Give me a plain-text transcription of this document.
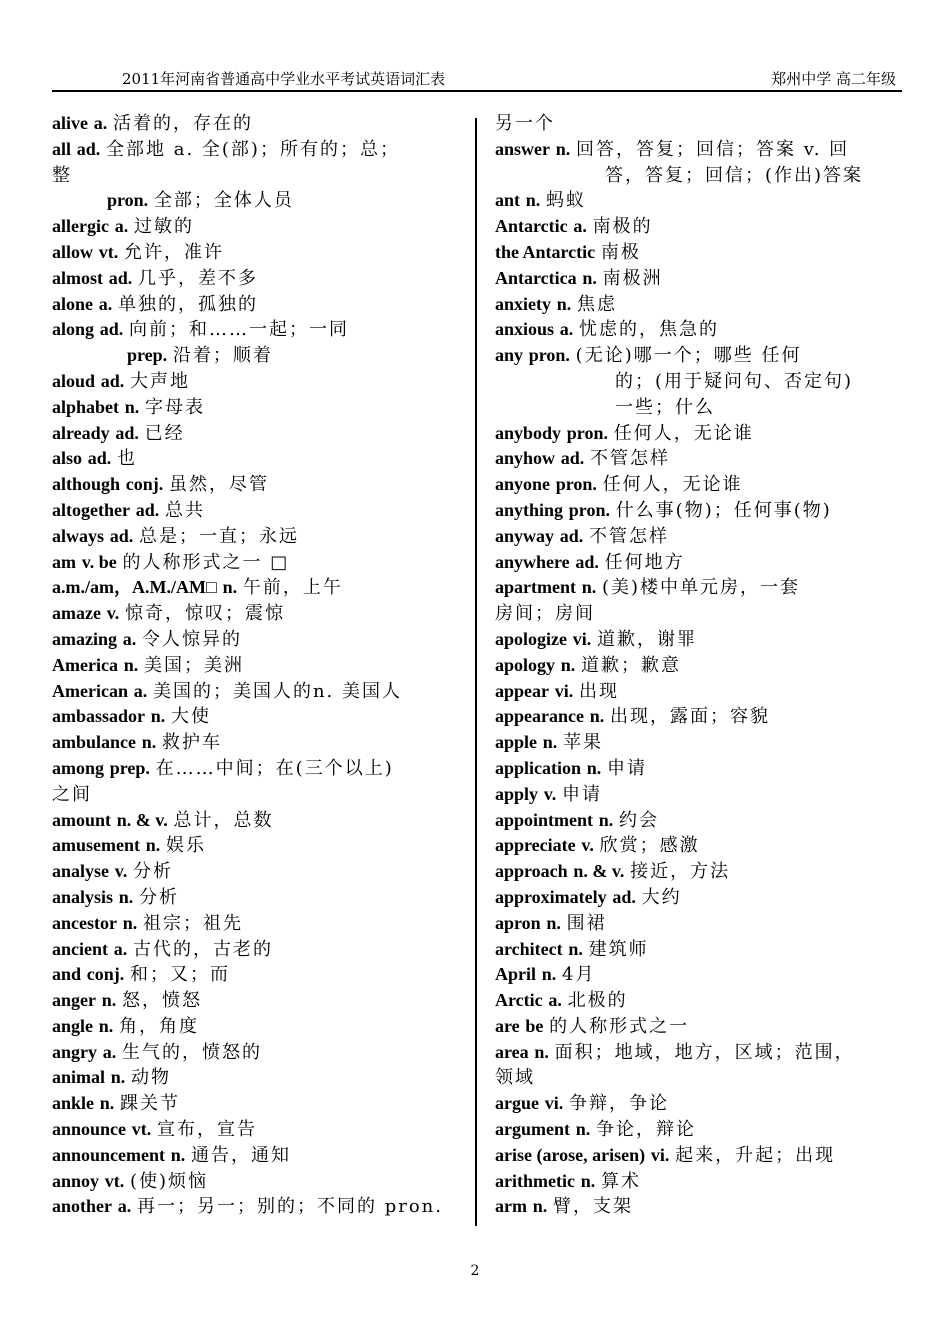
2011年河南省普通高中学业水平考试英语词汇表	郑州中学 高二年级
alive a. 活着的，存在的
all ad. 全部地 a. 全(部)；所有的；总；
整
pron. 全部；全体人员
allergic a. 过敏的
allow vt. 允许，准许
almost ad. 几乎，差不多
alone a. 单独的，孤独的
along ad. 向前；和……一起；一同
prep. 沿着；顺着
aloud ad. 大声地
alphabet n. 字母表
already ad. 已经
also ad. 也
although conj. 虽然，尽管
altogether ad. 总共
always ad. 总是；一直；永远
am v. be 的人称形式之一 □
a.m./am，A.M./AM□ n. 午前，上午
amaze v. 惊奇，惊叹；震惊
amazing a. 令人惊异的
America n. 美国；美洲
American a. 美国的；美国人的n. 美国人
ambassador n. 大使
ambulance n. 救护车
among prep. 在……中间；在(三个以上)
之间
amount n. & v. 总计，总数
amusement n. 娱乐
analyse v. 分析
analysis n. 分析
ancestor n. 祖宗；祖先
ancient a. 古代的，古老的
and conj. 和；又；而
anger n. 怒，愤怒
angle n. 角，角度
angry a. 生气的，愤怒的
animal n. 动物
ankle n. 踝关节
announce vt. 宣布，宣告
announcement n. 通告，通知
annoy vt. (使)烦恼
another a. 再一；另一；别的；不同的 pron.
另一个
answer n. 回答，答复；回信；答案 v. 回
答，答复；回信；(作出)答案
ant n. 蚂蚁
Antarctic a. 南极的
the Antarctic 南极
Antarctica n. 南极洲
anxiety n. 焦虑
anxious a. 忧虑的，焦急的
any pron. (无论)哪一个；哪些 任何
的；(用于疑问句、否定句)
一些；什么
anybody pron. 任何人，无论谁
anyhow ad. 不管怎样
anyone pron. 任何人，无论谁
anything pron. 什么事(物)；任何事(物)
anyway ad. 不管怎样
anywhere ad. 任何地方
apartment n. (美)楼中单元房，一套
房间；房间
apologize vi. 道歉，谢罪
apology n. 道歉；歉意
appear vi. 出现
appearance n. 出现，露面；容貌
apple n. 苹果
application n. 申请
apply v. 申请
appointment n. 约会
appreciate v. 欣赏；感激
approach n. & v. 接近，方法
approximately ad. 大约
apron n. 围裙
architect n. 建筑师
April n. 4月
Arctic a. 北极的
are be 的人称形式之一
area n. 面积；地域，地方，区域；范围，
领域
argue vi. 争辩，争论
argument n. 争论，辩论
arise (arose, arisen) vi. 起来，升起；出现
arithmetic n. 算术
arm n. 臂，支架
2
